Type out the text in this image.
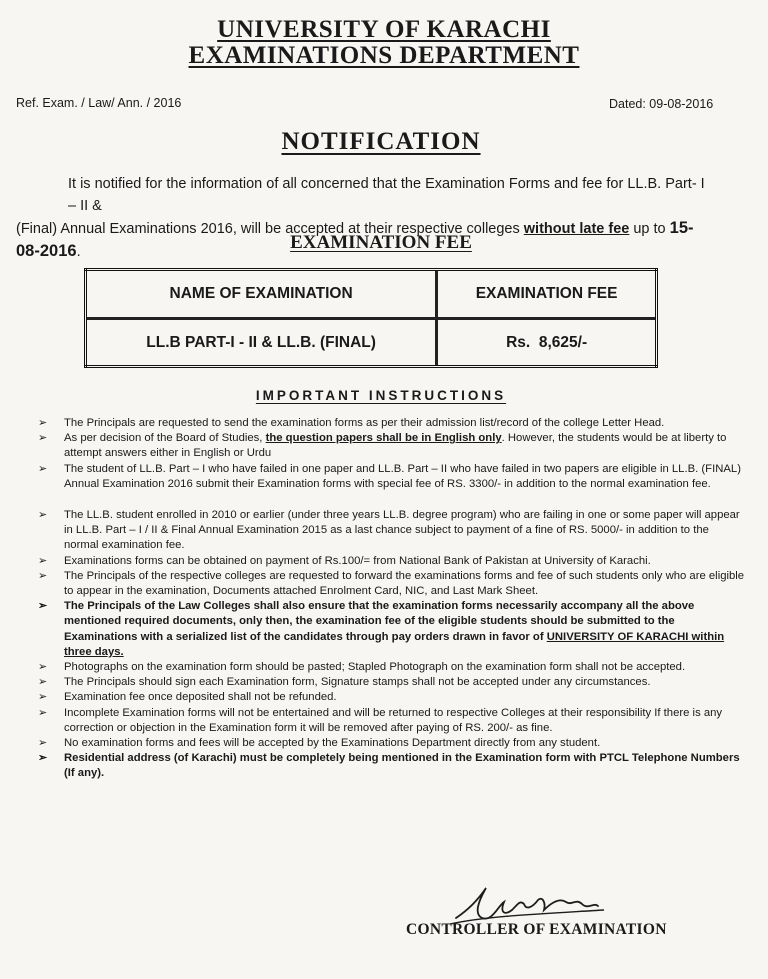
UNIVERSITY OF KARACHI
EXAMINATIONS DEPARTMENT
Ref. Exam. / Law/ Ann. / 2016	Dated: 09-08-2016
NOTIFICATION
It is notified for the information of all concerned that the Examination Forms and fee for LL.B. Part- I – II &
(Final) Annual Examinations 2016, will be accepted at their respective colleges without late fee up to 15-08-2016.	EXAMINATION FEE
NAME OF EXAMINATION	EXAMINATION FEE
LL.B PART-I - II & LL.B. (FINAL)	Rs. 8,625/-
IMPORTANT INSTRUCTIONS
➢ The Principals are requested to send the examination forms as per their admission list/record of the college Letter Head.
➢ As per decision of the Board of Studies, the question papers shall be in English only. However, the students would be at liberty to attempt answers either in English or Urdu
➢ The student of LL.B. Part – I who have failed in one paper and LL.B. Part – II who have failed in two papers are eligible in LL.B. (FINAL) Annual Examination 2016 submit their Examination forms with special fee of RS. 3300/- in addition to the normal examination fee.
➢ The LL.B. student enrolled in 2010 or earlier (under three years LL.B. degree program) who are failing in one or some paper will appear in LL.B. Part – I / II & Final Annual Examination 2015 as a last chance subject to payment of a fine of RS. 5000/- in addition to the normal examination fee.
➢ Examinations forms can be obtained on payment of Rs.100/= from National Bank of Pakistan at University of Karachi.
➢ The Principals of the respective colleges are requested to forward the examinations forms and fee of such students only who are eligible to appear in the examination, Documents attached Enrolment Card, NIC, and Last Mark Sheet.
➢ The Principals of the Law Colleges shall also ensure that the examination forms necessarily accompany all the above mentioned required documents, only then, the examination fee of the eligible students should be submitted to the Examinations with a serialized list of the candidates through pay orders drawn in favor of UNIVERSITY OF KARACHI within three days.
➢ Photographs on the examination form should be pasted; Stapled Photograph on the examination form shall not be accepted.
➢ The Principals should sign each Examination form, Signature stamps shall not be accepted under any circumstances.
➢ Examination fee once deposited shall not be refunded.
➢ Incomplete Examination forms will not be entertained and will be returned to respective Colleges at their responsibility If there is any correction or objection in the Examination form it will be removed after paying of RS. 200/- as fine.
➢ No examination forms and fees will be accepted by the Examinations Department directly from any student.
➢ Residential address (of Karachi) must be completely being mentioned in the Examination form with PTCL Telephone Numbers (If any).
CONTROLLER OF EXAMINATION
